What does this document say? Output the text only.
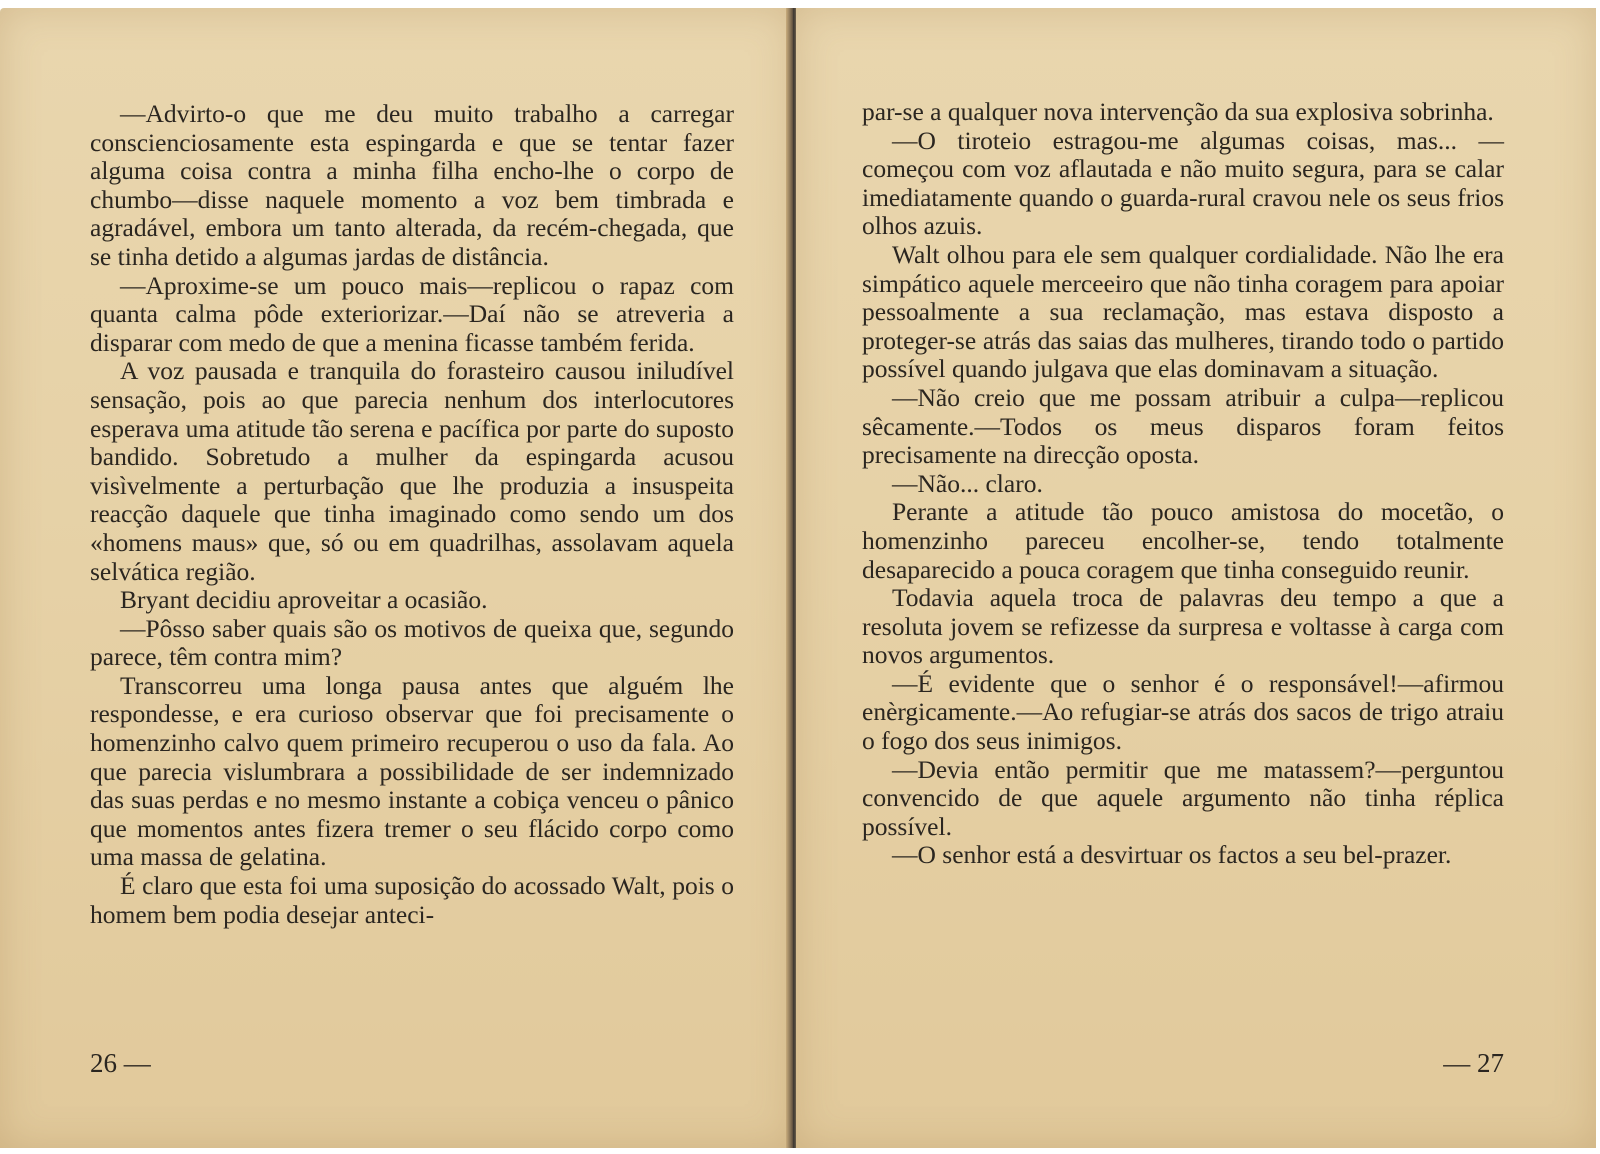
—Advirto-o que me deu muito trabalho a carregar conscienciosamente esta espingarda e que se tentar fazer alguma coisa contra a minha filha encho-lhe o corpo de chumbo—disse naquele momento a voz bem timbrada e agradável, embora um tanto alterada, da recém-chegada, que se tinha detido a algumas jardas de distância.

—Aproxime-se um pouco mais—replicou o rapaz com quanta calma pôde exteriorizar.—Daí não se atreveria a disparar com medo de que a menina ficasse também ferida.

A voz pausada e tranquila do forasteiro causou iniludível sensação, pois ao que parecia nenhum dos interlocutores esperava uma atitude tão serena e pacífica por parte do suposto bandido. Sobretudo a mulher da espingarda acusou visìvelmente a perturbação que lhe produzia a insuspeita reacção daquele que tinha imaginado como sendo um dos «homens maus» que, só ou em quadrilhas, assolavam aquela selvática região.

Bryant decidiu aproveitar a ocasião.

—Pôsso saber quais são os motivos de queixa que, segundo parece, têm contra mim?

Transcorreu uma longa pausa antes que alguém lhe respondesse, e era curioso observar que foi precisamente o homenzinho calvo quem primeiro recuperou o uso da fala. Ao que parecia vislumbrara a possibilidade de ser indemnizado das suas perdas e no mesmo instante a cobiça venceu o pânico que momentos antes fizera tremer o seu flácido corpo como uma massa de gelatina.

É claro que esta foi uma suposição do acossado Walt, pois o homem bem podia desejar anteci-

26 —

par-se a qualquer nova intervenção da sua explosiva sobrinha.

—O tiroteio estragou-me algumas coisas, mas... —começou com voz aflautada e não muito segura, para se calar imediatamente quando o guarda-rural cravou nele os seus frios olhos azuis.

Walt olhou para ele sem qualquer cordialidade. Não lhe era simpático aquele merceeiro que não tinha coragem para apoiar pessoalmente a sua reclamação, mas estava disposto a proteger-se atrás das saias das mulheres, tirando todo o partido possível quando julgava que elas dominavam a situação.

—Não creio que me possam atribuir a culpa—replicou sêcamente.—Todos os meus disparos foram feitos precisamente na direcção oposta.

—Não... claro.

Perante a atitude tão pouco amistosa do mocetão, o homenzinho pareceu encolher-se, tendo totalmente desaparecido a pouca coragem que tinha conseguido reunir.

Todavia aquela troca de palavras deu tempo a que a resoluta jovem se refizesse da surpresa e voltasse à carga com novos argumentos.

—É evidente que o senhor é o responsável!—afirmou enèrgicamente.—Ao refugiar-se atrás dos sacos de trigo atraiu o fogo dos seus inimigos.

—Devia então permitir que me matassem?—perguntou convencido de que aquele argumento não tinha réplica possível.

—O senhor está a desvirtuar os factos a seu bel-prazer.

— 27
